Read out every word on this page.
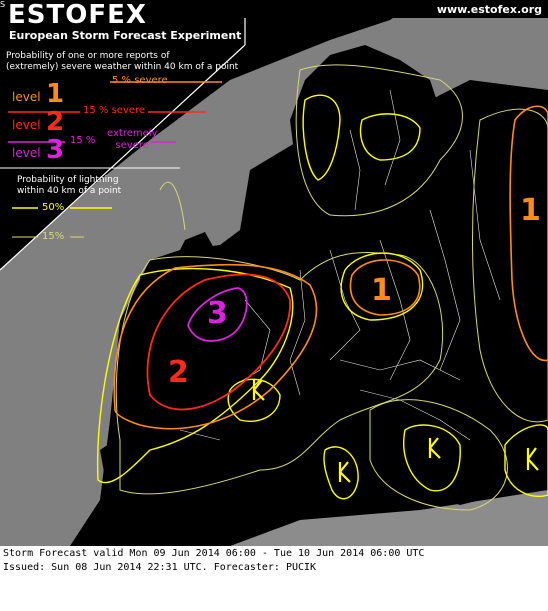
S ESTOFEX	www.estofex.org
European Storm Forecast Experiment
Probability of one or more reports of
(extremely) severe weather within 40 km of a point
5 % severe
level 1
15 % severe
level 2
15 %
extremely
severe
level 3
Probability of lightning
within 40 km of a point
50%
15%
1
1
2
3
Storm Forecast valid Mon 09 Jun 2014 06:00 - Tue 10 Jun 2014 06:00 UTC
Issued: Sun 08 Jun 2014 22:31 UTC. Forecaster: PUCIK
